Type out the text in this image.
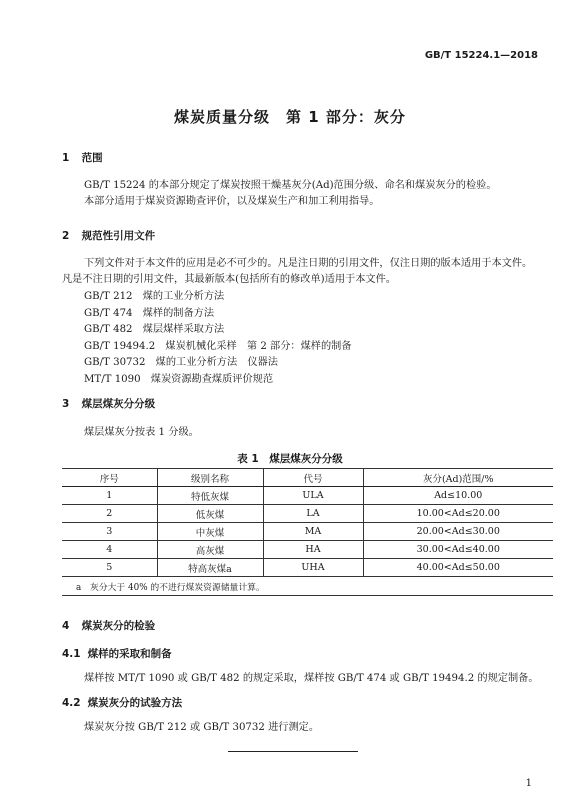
GB/T 15224.1—2018
煤炭质量分级　第 1 部分：灰分
1 范围

GB/T 15224 的本部分规定了煤炭按照干燥基灰分(Ad)范围分级、命名和煤炭灰分的检验。

本部分适用于煤炭资源勘查评价，以及煤炭生产和加工利用指导。

2 规范性引用文件

下列文件对于本文件的应用是必不可少的。凡是注日期的引用文件，仅注日期的版本适用于本文件。

凡是不注日期的引用文件，其最新版本(包括所有的修改单)适用于本文件。

GB/T 212　煤的工业分析方法
GB/T 474　煤样的制备方法
GB/T 482　煤层煤样采取方法
GB/T 19494.2　煤炭机械化采样　第 2 部分：煤样的制备
GB/T 30732　煤的工业分析方法　仪器法
MT/T 1090　煤炭资源勘查煤质评价规范
3 煤层煤灰分分级
煤层煤灰分按表 1 分级。
表 1　煤层煤灰分分级
序号	级别名称	代号	灰分(Ad)范围/%
1	特低灰煤	ULA	Ad≤10.00
2	低灰煤	LA	10.00<Ad≤20.00
3	中灰煤	MA	20.00<Ad≤30.00
4	高灰煤	HA	30.00<Ad≤40.00
5	特高灰煤a	UHA	40.00<Ad≤50.00
a　灰分大于 40% 的不进行煤炭资源储量计算。			
4 煤炭灰分的检验
4.1 煤样的采取和制备
煤样按 MT/T 1090 或 GB/T 482 的规定采取，煤样按 GB/T 474 或 GB/T 19494.2 的规定制备。
4.2 煤炭灰分的试验方法
煤炭灰分按 GB/T 212 或 GB/T 30732 进行测定。
1
